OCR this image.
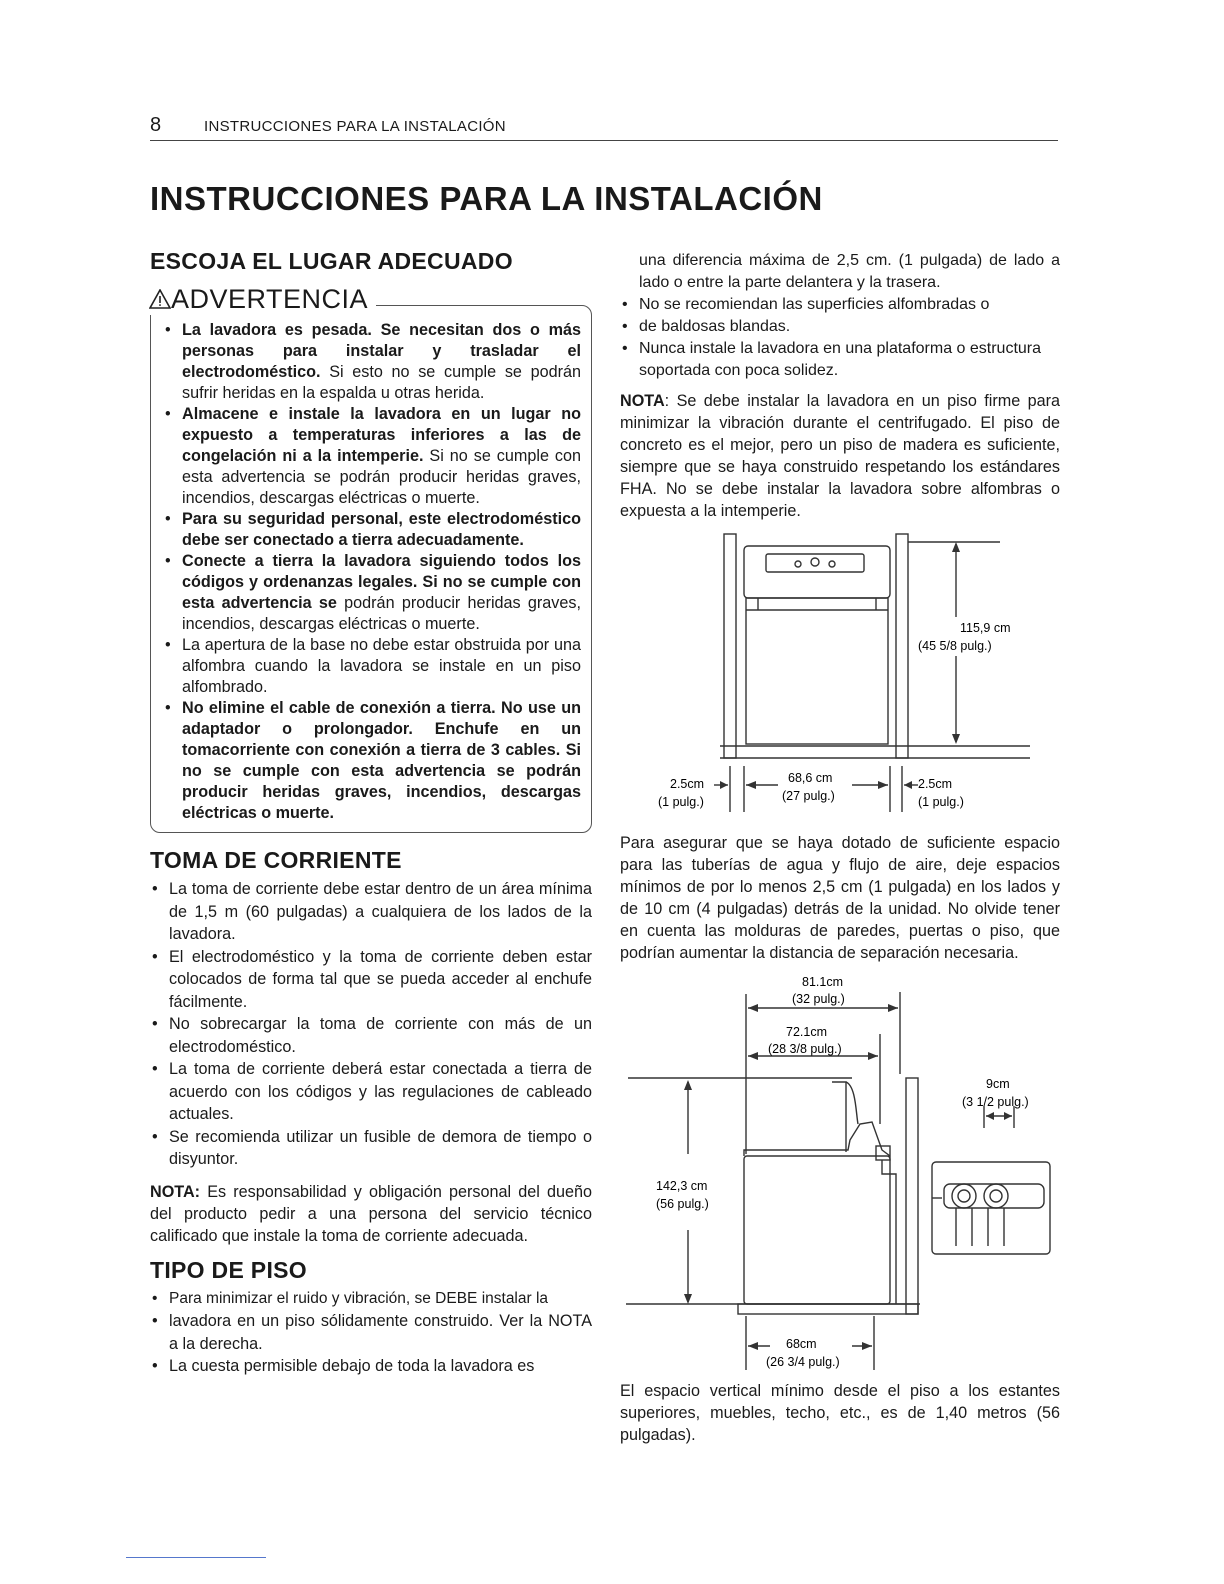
8	INSTRUCCIONES PARA LA INSTALACIÓN
INSTRUCCIONES PARA LA INSTALACIÓN
ESCOJA EL LUGAR ADECUADO
ADVERTENCIA
• La lavadora es pesada. Se necesitan dos o más personas para instalar y trasladar el electrodoméstico. Si esto no se cumple se podrán sufrir heridas en la espalda u otras herida.
• Almacene e instale la lavadora en un lugar no expuesto a temperaturas inferiores a las de congelación ni a la intemperie. Si no se cumple con esta advertencia se podrán producir heridas graves, incendios, descargas eléctricas o muerte.
• Para su seguridad personal, este electrodoméstico debe ser conectado a tierra adecuadamente.
• Conecte a tierra la lavadora siguiendo todos los códigos y ordenanzas legales. Si no se cumple con esta advertencia se podrán producir heridas graves, incendios, descargas eléctricas o muerte.
• La apertura de la base no debe estar obstruida por una alfombra cuando la lavadora se instale en un piso alfombrado.
• No elimine el cable de conexión a tierra. No use un adaptador o prolongador. Enchufe en un tomacorriente con conexión a tierra de 3 cables. Si no se cumple con esta advertencia se podrán producir heridas graves, incendios, descargas eléctricas o muerte.
TOMA DE CORRIENTE
• La toma de corriente debe estar dentro de un área mínima de 1,5 m (60 pulgadas) a cualquiera de los lados de la lavadora.
• El electrodoméstico y la toma de corriente deben estar colocados de forma tal que se pueda acceder al enchufe fácilmente.
• No sobrecargar la toma de corriente con más de un electrodoméstico.
• La toma de corriente deberá estar conectada a tierra de acuerdo con los códigos y las regulaciones de cableado actuales.
• Se recomienda utilizar un fusible de demora de tiempo o disyuntor.

NOTA: Es responsabilidad y obligación personal del dueño del producto pedir a una persona del servicio técnico calificado que instale la toma de corriente adecuada.

TIPO DE PISO
• Para minimizar el ruido y vibración, se DEBE instalar la
• lavadora en un piso sólidamente construido. Ver la NOTA a la derecha.
• La cuesta permisible debajo de toda la lavadora es

una diferencia máxima de 2,5 cm. (1 pulgada) de lado a lado o entre la parte delantera y la trasera.

• No se recomiendan las superficies alfombradas o
• de baldosas blandas.
• Nunca instale la lavadora en una plataforma o estructura soportada con poca solidez.

NOTA: Se debe instalar la lavadora en un piso firme para minimizar la vibración durante el centrifugado. El piso de concreto es el mejor, pero un piso de madera es suficiente, siempre que se haya construido respetando los estándares FHA. No se debe instalar la lavadora sobre alfombras o expuesta a la intemperie.

115,9 cm
(45 5/8 pulg.)
68,6 cm
(27 pulg.)
2.5cm
(1 pulg.)
2.5cm
(1 pulg.)

Para asegurar que se haya dotado de suficiente espacio para las tuberías de agua y flujo de aire, deje espacios mínimos de por lo menos 2,5 cm (1 pulgada) en los lados y de 10 cm (4 pulgadas) detrás de la unidad. No olvide tener en cuenta las molduras de paredes, puertas o piso, que podrían aumentar la distancia de separación necesaria.

81.1cm
(32 pulg.)
72.1cm
(28 3/8 pulg.)
9cm
(3 1/2 pulg.)
142,3 cm
(56 pulg.)
68cm
(26 3/4 pulg.)

El espacio vertical mínimo desde el piso a los estantes superiores, muebles, techo, etc., es de 1,40 metros (56 pulgadas).
